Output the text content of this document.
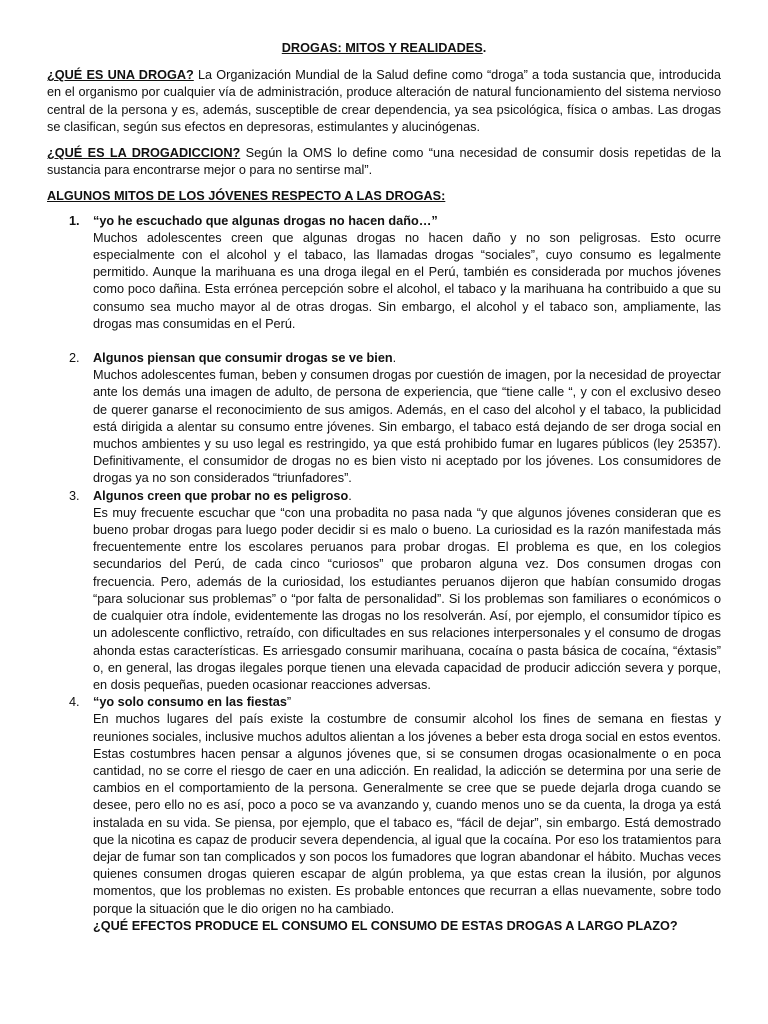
DROGAS: MITOS Y REALIDADES.

¿QUÉ ES UNA DROGA? La Organización Mundial de la Salud define como “droga” a toda sustancia que, introducida en el organismo por cualquier vía de administración, produce alteración de natural funcionamiento del sistema nervioso central de la persona y es, además, susceptible de crear dependencia, ya sea psicológica, física o ambas. Las drogas se clasifican, según sus efectos en depresoras, estimulantes y alucinógenas.

¿QUÉ ES LA DROGADICCION? Según la OMS lo define como “una necesidad de consumir dosis repetidas de la sustancia para encontrarse mejor o para no sentirse mal”.

ALGUNOS MITOS DE LOS JÓVENES RESPECTO A LAS DROGAS:
1. “yo he escuchado que algunas drogas no hacen daño…”
Muchos adolescentes creen que algunas drogas no hacen daño y no son peligrosas. Esto ocurre especialmente con el alcohol y el tabaco, las llamadas drogas “sociales”, cuyo consumo es legalmente permitido. Aunque la marihuana es una droga ilegal en el Perú, también es considerada por muchos jóvenes como poco dañina. Esta errónea percepción sobre el alcohol, el tabaco y la marihuana ha contribuido a que su consumo sea mucho mayor al de otras drogas. Sin embargo, el alcohol y el tabaco son, ampliamente, las drogas mas consumidas en el Perú.
2. Algunos piensan que consumir drogas se ve bien.
Muchos adolescentes fuman, beben y consumen drogas por cuestión de imagen, por la necesidad de proyectar ante los demás una imagen de adulto, de persona de experiencia, que “tiene calle “, y con el exclusivo deseo de querer ganarse el reconocimiento de sus amigos. Además, en el caso del alcohol y el tabaco, la publicidad está dirigida a alentar su consumo entre jóvenes. Sin embargo, el tabaco está dejando de ser droga social en muchos ambientes y su uso legal es restringido, ya que está prohibido fumar en lugares públicos (ley 25357). Definitivamente, el consumidor de drogas no es bien visto ni aceptado por los jóvenes. Los consumidores de drogas ya no son considerados “triunfadores”.
3. Algunos creen que probar no es peligroso.
Es muy frecuente escuchar que “con una probadita no pasa nada “y que algunos jóvenes consideran que es bueno probar drogas para luego poder decidir si es malo o bueno. La curiosidad es la razón manifestada más frecuentemente entre los escolares peruanos para probar drogas. El problema es que, en los colegios secundarios del Perú, de cada cinco “curiosos” que probaron alguna vez. Dos consumen drogas con frecuencia. Pero, además de la curiosidad, los estudiantes peruanos dijeron que habían consumido drogas “para solucionar sus problemas” o “por falta de personalidad”. Si los problemas son familiares o económicos o de cualquier otra índole, evidentemente las drogas no los resolverán. Así, por ejemplo, el consumidor típico es un adolescente conflictivo, retraído, con dificultades en sus relaciones interpersonales y el consumo de drogas ahonda estas características. Es arriesgado consumir marihuana, cocaína o pasta básica de cocaína, “éxtasis” o, en general, las drogas ilegales porque tienen una elevada capacidad de producir adicción severa y porque, en dosis pequeñas, pueden ocasionar reacciones adversas.
4. “yo solo consumo en las fiestas”
En muchos lugares del país existe la costumbre de consumir alcohol los fines de semana en fiestas y reuniones sociales, inclusive muchos adultos alientan a los jóvenes a beber esta droga social en estos eventos. Estas costumbres hacen pensar a algunos jóvenes que, si se consumen drogas ocasionalmente o en poca cantidad, no se corre el riesgo de caer en una adicción. En realidad, la adicción se determina por una serie de cambios en el comportamiento de la persona. Generalmente se cree que se puede dejarla droga cuando se desee, pero ello no es así, poco a poco se va avanzando y, cuando menos uno se da cuenta, la droga ya está instalada en su vida. Se piensa, por ejemplo, que el tabaco es, “fácil de dejar”, sin embargo. Está demostrado que la nicotina es capaz de producir severa dependencia, al igual que la cocaína. Por eso los tratamientos para dejar de fumar son tan complicados y son pocos los fumadores que logran abandonar el hábito. Muchas veces quienes consumen drogas quieren escapar de algún problema, ya que estas crean la ilusión, por algunos momentos, que los problemas no existen. Es probable entonces que recurran a ellas nuevamente, sobre todo porque la situación que le dio origen no ha cambiado.
¿QUÉ EFECTOS PRODUCE EL CONSUMO EL CONSUMO DE ESTAS DROGAS A LARGO PLAZO?
